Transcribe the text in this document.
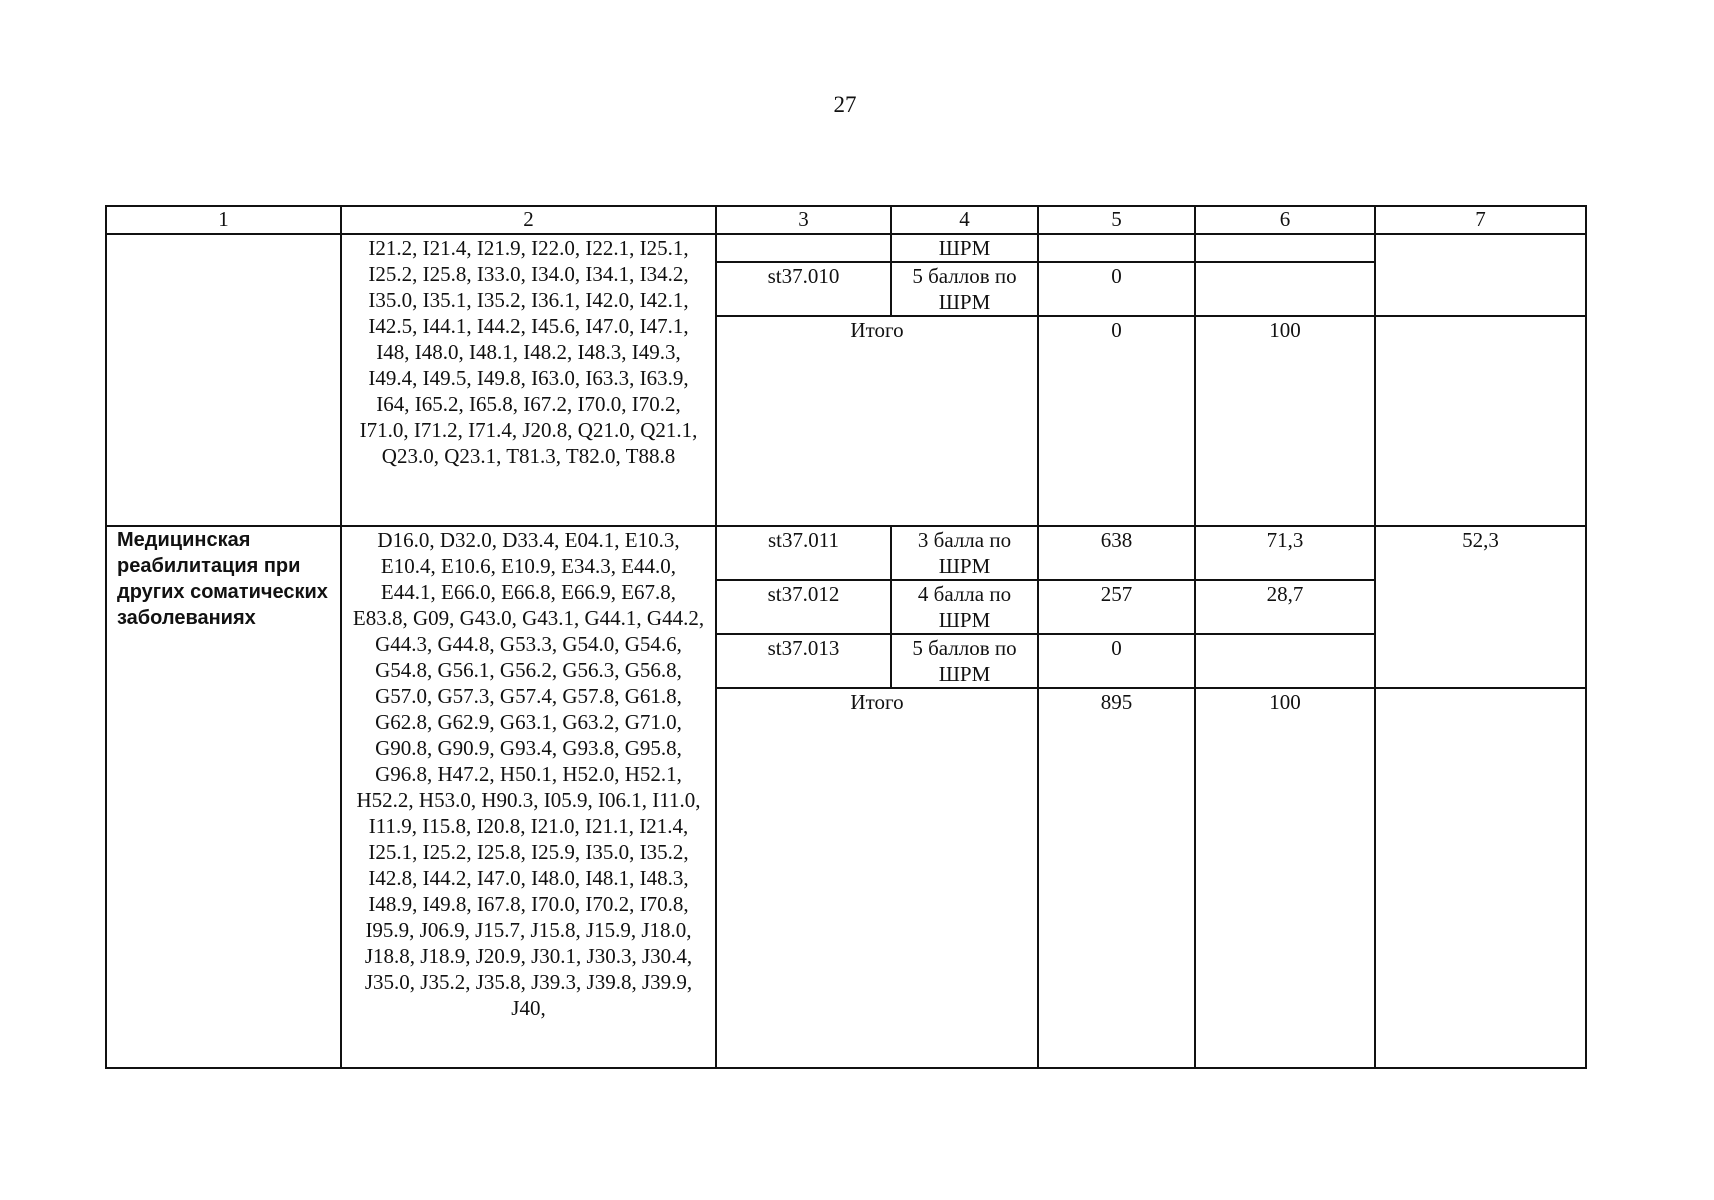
27
1	2	3	4	5	6	7
	I21.2, I21.4, I21.9, I22.0, I22.1, I25.1, I25.2, I25.8, I33.0, I34.0, I34.1, I34.2, I35.0, I35.1, I35.2, I36.1, I42.0, I42.1, I42.5, I44.1, I44.2, I45.6, I47.0, I47.1, I48, I48.0, I48.1, I48.2, I48.3, I49.3, I49.4, I49.5, I49.8, I63.0, I63.3, I63.9, I64, I65.2, I65.8, I67.2, I70.0, I70.2, I71.0, I71.2, I71.4, J20.8, Q21.0, Q21.1, Q23.0, Q23.1, T81.3, T82.0, T88.8		ШРМ			
		st37.010	5 баллов по ШРМ	0		
		Итого		0	100	
Медицинская реабилитация при других соматических заболеваниях	D16.0, D32.0, D33.4, E04.1, E10.3, E10.4, E10.6, E10.9, E34.3, E44.0, E44.1, E66.0, E66.8, E66.9, E67.8, E83.8, G09, G43.0, G43.1, G44.1, G44.2, G44.3, G44.8, G53.3, G54.0, G54.6, G54.8, G56.1, G56.2, G56.3, G56.8, G57.0, G57.3, G57.4, G57.8, G61.8, G62.8, G62.9, G63.1, G63.2, G71.0, G90.8, G90.9, G93.4, G93.8, G95.8, G96.8, H47.2, H50.1, H52.0, H52.1, H52.2, H53.0, H90.3, I05.9, I06.1, I11.0, I11.9, I15.8, I20.8, I21.0, I21.1, I21.4, I25.1, I25.2, I25.8, I25.9, I35.0, I35.2, I42.8, I44.2, I47.0, I48.0, I48.1, I48.3, I48.9, I49.8, I67.8, I70.0, I70.2, I70.8, I95.9, J06.9, J15.7, J15.8, J15.9, J18.0, J18.8, J18.9, J20.9, J30.1, J30.3, J30.4, J35.0, J35.2, J35.8, J39.3, J39.8, J39.9, J40,	st37.011	3 балла по ШРМ	638	71,3	52,3
		st37.012	4 балла по ШРМ	257	28,7	
		st37.013	5 баллов по ШРМ	0		
		Итого		895	100	
